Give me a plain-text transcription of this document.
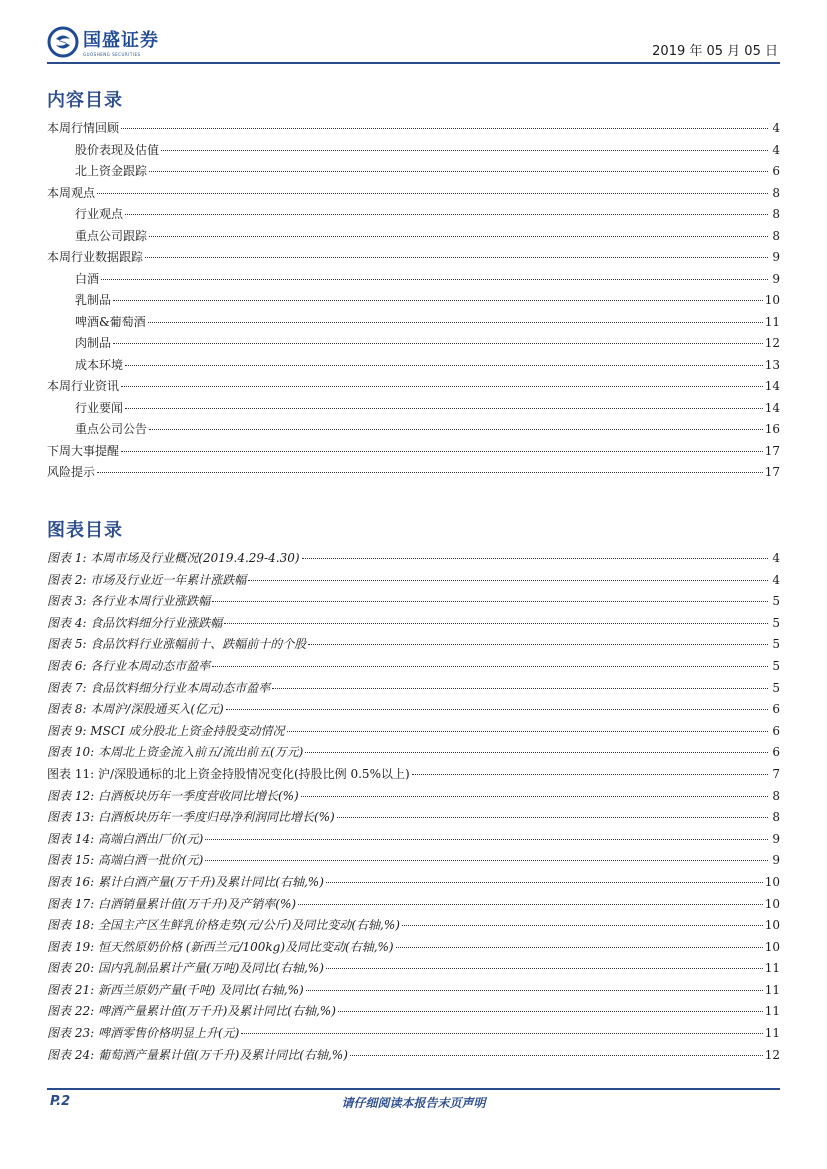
国盛证券
GUOSHENG SECURITIES	2019 年 05 月 05 日
内容目录
本周行情回顾	4
股价表现及估值	4
北上资金跟踪	6
本周观点	8
行业观点	8
重点公司跟踪	8
本周行业数据跟踪	9
白酒	9
乳制品	10
啤酒&葡萄酒	11
肉制品	12
成本环境	13
本周行业资讯	14
行业要闻	14
重点公司公告	16
下周大事提醒	17
风险提示	17
图表目录
图表 1: 本周市场及行业概况(2019.4.29-4.30)	4
图表 2: 市场及行业近一年累计涨跌幅	4
图表 3: 各行业本周行业涨跌幅	5
图表 4: 食品饮料细分行业涨跌幅	5
图表 5: 食品饮料行业涨幅前十、跌幅前十的个股	5
图表 6: 各行业本周动态市盈率	5
图表 7: 食品饮料细分行业本周动态市盈率	5
图表 8: 本周沪/深股通买入(亿元)	6
图表 9: MSCI 成分股北上资金持股变动情况	6
图表 10: 本周北上资金流入前五/流出前五(万元)	6
图表 11: 沪/深股通标的北上资金持股情况变化(持股比例 0.5%以上)	7
图表 12: 白酒板块历年一季度营收同比增长(%)	8
图表 13: 白酒板块历年一季度归母净利润同比增长(%)	8
图表 14: 高端白酒出厂价(元)	9
图表 15: 高端白酒一批价(元)	9
图表 16: 累计白酒产量(万千升)及累计同比(右轴,%)	10
图表 17: 白酒销量累计值(万千升)及产销率(%)	10
图表 18: 全国主产区生鲜乳价格走势(元/公斤)及同比变动(右轴,%)	10
图表 19: 恒天然原奶价格 (新西兰元/100kg)及同比变动(右轴,%)	10
图表 20: 国内乳制品累计产量(万吨)及同比(右轴,%)	11
图表 21: 新西兰原奶产量(千吨) 及同比(右轴,%)	11
图表 22: 啤酒产量累计值(万千升)及累计同比(右轴,%)	11
图表 23: 啤酒零售价格明显上升(元)	11
图表 24: 葡萄酒产量累计值(万千升)及累计同比(右轴,%)	12
P.2	请仔细阅读本报告末页声明
